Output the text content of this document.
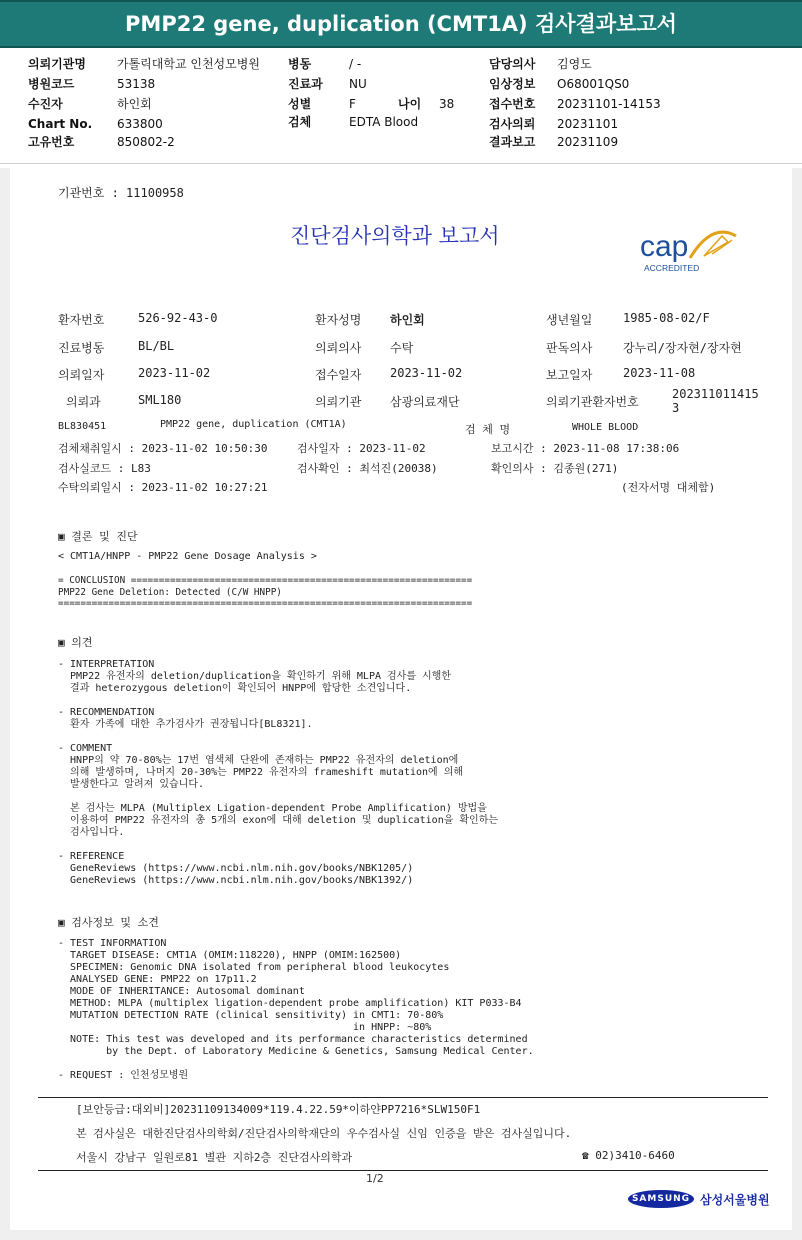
PMP22 gene, duplication (CMT1A) 검사결과보고서
의뢰기관명	가톨릭대학교 인천성모병원
병원코드	53138
수진자	하인회
Chart No. 633800
고유번호	850802-2
병동	/ -
진료과 NU
성별	F	나이 38
검체	EDTA Blood
담당의사 김영도
임상정보 O68001QS0
접수번호 20231101-14153
검사의뢰 20231101
결과보고 20231109
기관번호 : 11100958
진단검사의학과 보고서	cap
ACCREDITED
환자번호	526-92-43-0	환자성명 하인회	생년월일	1985-08-02/F
진료병동	BL/BL	의뢰의사 수탁	판독의사	강누리/장자현/장자현
의뢰일자	2023-11-02	접수일자 2023-11-02	보고일자	2023-11-08
의뢰과	SML180	의뢰기관 삼광의료재단	의뢰기관환자번호
202311011415
3
BL830451	PMP22 gene, duplication (CMT1A)	검 체 명	WHOLE BLOOD
검체채취일시 : 2023-11-02 10:50:30	검사일자 : 2023-11-02	보고시간 : 2023-11-08 17:38:06
검사실코드 : L83	검사확인 : 최석진(20038)	확인의사 : 김종원(271)
수탁의뢰일시 : 2023-11-02 10:27:21	(전자서명 대체함)
▣ 결론 및 진단
< CMT1A/HNPP - PMP22 Gene Dosage Analysis >
= CONCLUSION =============================================================
PMP22 Gene Deletion: Detected (C/W HNPP)
==========================================================================
▣ 의견
- INTERPRETATION
PMP22 유전자의 deletion/duplication을 확인하기 위해 MLPA 검사를 시행한
결과 heterozygous deletion이 확인되어 HNPP에 합당한 소견입니다.
- RECOMMENDATION
환자 가족에 대한 추가검사가 권장됩니다[BL8321].
- COMMENT
HNPP의 약 70-80%는 17번 염색체 단완에 존재하는 PMP22 유전자의 deletion에
의해 발생하며, 나머지 20-30%는 PMP22 유전자의 frameshift mutation에 의해
발생한다고 알려져 있습니다.
본 검사는 MLPA (Multiplex Ligation-dependent Probe Amplification) 방법을
이용하여 PMP22 유전자의 총 5개의 exon에 대해 deletion 및 duplication을 확인하는
검사입니다.
- REFERENCE
GeneReviews (https://www.ncbi.nlm.nih.gov/books/NBK1205/)
GeneReviews (https://www.ncbi.nlm.nih.gov/books/NBK1392/)
▣ 검사정보 및 소견
- TEST INFORMATION
TARGET DISEASE: CMT1A (OMIM:118220), HNPP (OMIM:162500)
SPECIMEN: Genomic DNA isolated from peripheral blood leukocytes
ANALYSED GENE: PMP22 on 17p11.2
MODE OF INHERITANCE: Autosomal dominant
METHOD: MLPA (multiplex ligation-dependent probe amplification) KIT P033-B4
MUTATION DETECTION RATE (clinical sensitivity) in CMT1: 70-80%
in HNPP: ~80%
NOTE: This test was developed and its performance characteristics determined
by the Dept. of Laboratory Medicine & Genetics, Samsung Medical Center.
- REQUEST : 인천성모병원
[보안등급:대외비]20231109134009*119.4.22.59*이하얀PP7216*SLW150F1
본 검사실은 대한진단검사의학회/진단검사의학재단의 우수검사실 신임 인증을 받은 검사실입니다.
서울시 강남구 일원로81 별관 지하2층 진단검사의학과	☎ 02)3410-6460
1/2
SAMSUNG 삼성서울병원
